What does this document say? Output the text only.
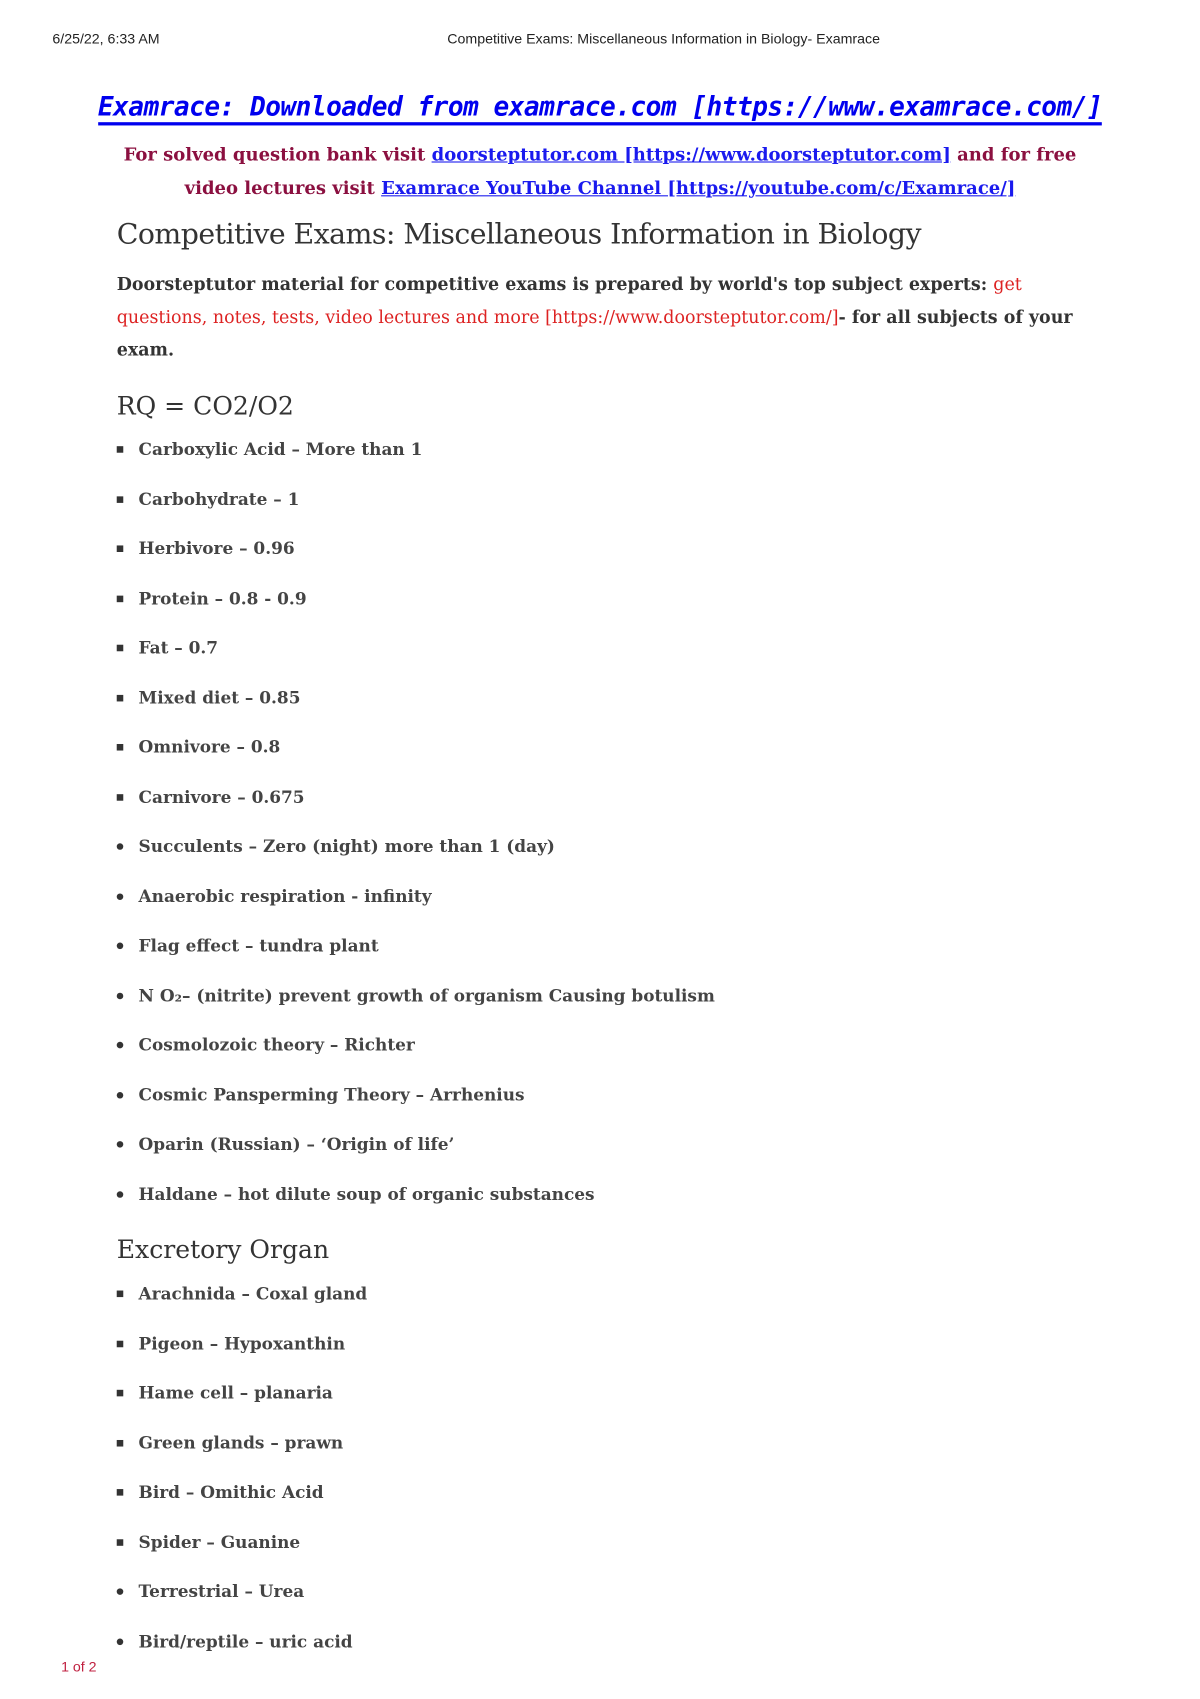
6/25/22, 6:33 AM	Competitive Exams: Miscellaneous Information in Biology- Examrace
Examrace: Downloaded from examrace.com [https://www.examrace.com/]
For solved question bank visit doorsteptutor.com [https://www.doorsteptutor.com] and for free video lectures visit Examrace YouTube Channel [https://youtube.com/c/Examrace/]
Competitive Exams: Miscellaneous Information in Biology
Doorsteptutor material for competitive exams is prepared by world's top subject experts: get questions, notes, tests, video lectures and more [https://www.doorsteptutor.com/]- for all subjects of your exam.
RQ = CO2/O2
Carboxylic Acid – More than 1
Carbohydrate – 1
Herbivore – 0.96
Protein – 0.8 - 0.9
Fat – 0.7
Mixed diet – 0.85
Omnivore – 0.8
Carnivore – 0.675
Succulents – Zero (night) more than 1 (day)
Anaerobic respiration - infinity
Flag effect – tundra plant
N O₂– (nitrite) prevent growth of organism Causing botulism
Cosmolozoic theory – Richter
Cosmic Pansperming Theory – Arrhenius
Oparin (Russian) – ‘Origin of life’
Haldane – hot dilute soup of organic substances
Excretory Organ
Arachnida – Coxal gland
Pigeon – Hypoxanthin
Hame cell – planaria
Green glands – prawn
Bird – Omithic Acid
Spider – Guanine
Terrestrial – Urea
Bird/reptile – uric acid
1 of 2
